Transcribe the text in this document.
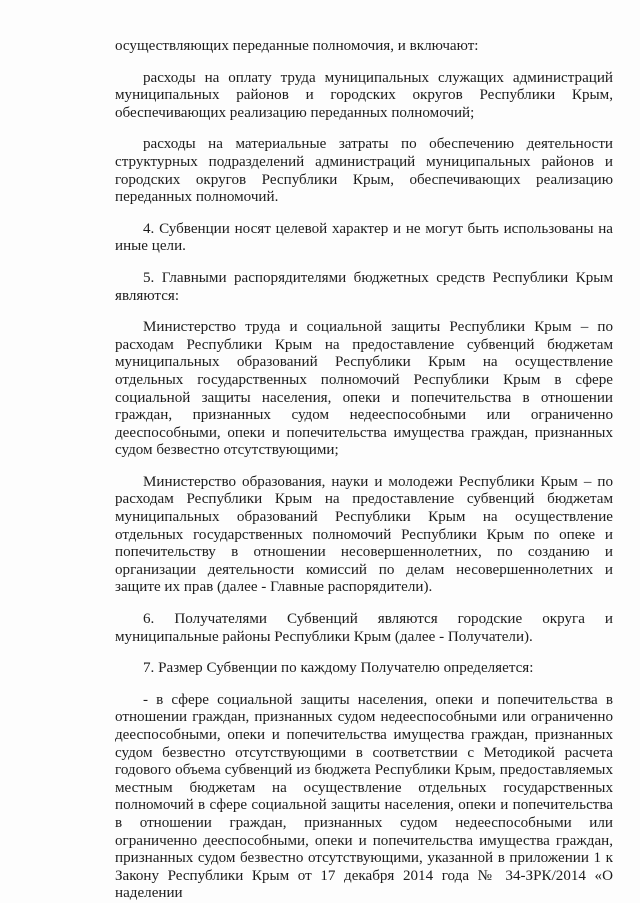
осуществляющих переданные полномочия, и включают:

расходы на оплату труда муниципальных служащих администраций муниципальных районов и городских округов Республики Крым, обеспечивающих реализацию переданных полномочий;

расходы на материальные затраты по обеспечению деятельности структурных подразделений администраций муниципальных районов и городских округов Республики Крым, обеспечивающих реализацию переданных полномочий.

4. Субвенции носят целевой характер и не могут быть использованы на иные цели.

5. Главными распорядителями бюджетных средств Республики Крым являются:

Министерство труда и социальной защиты Республики Крым – по расходам Республики Крым на предоставление субвенций бюджетам муниципальных образований Республики Крым на осуществление отдельных государственных полномочий Республики Крым в сфере социальной защиты населения, опеки и попечительства в отношении граждан, признанных судом недееспособными или ограниченно дееспособными, опеки и попечительства имущества граждан, признанных судом безвестно отсутствующими;

Министерство образования, науки и молодежи Республики Крым – по расходам Республики Крым на предоставление субвенций бюджетам муниципальных образований Республики Крым на осуществление отдельных государственных полномочий Республики Крым по опеке и попечительству в отношении несовершеннолетних, по созданию и организации деятельности комиссий по делам несовершеннолетних и защите их прав (далее - Главные распорядители).

6. Получателями Субвенций являются городские округа и муниципальные районы Республики Крым (далее - Получатели).

7. Размер Субвенции по каждому Получателю определяется:

- в сфере социальной защиты населения, опеки и попечительства в отношении граждан, признанных судом недееспособными или ограниченно дееспособными, опеки и попечительства имущества граждан, признанных судом безвестно отсутствующими в соответствии с Методикой расчета годового объема субвенций из бюджета Республики Крым, предоставляемых местным бюджетам на осуществление отдельных государственных полномочий в сфере социальной защиты населения, опеки и попечительства в отношении граждан, признанных судом недееспособными или ограниченно дееспособными, опеки и попечительства имущества граждан, признанных судом безвестно отсутствующими, указанной в приложении 1 к Закону Республики Крым от 17 декабря 2014 года № 34-ЗРК/2014 «О наделении
